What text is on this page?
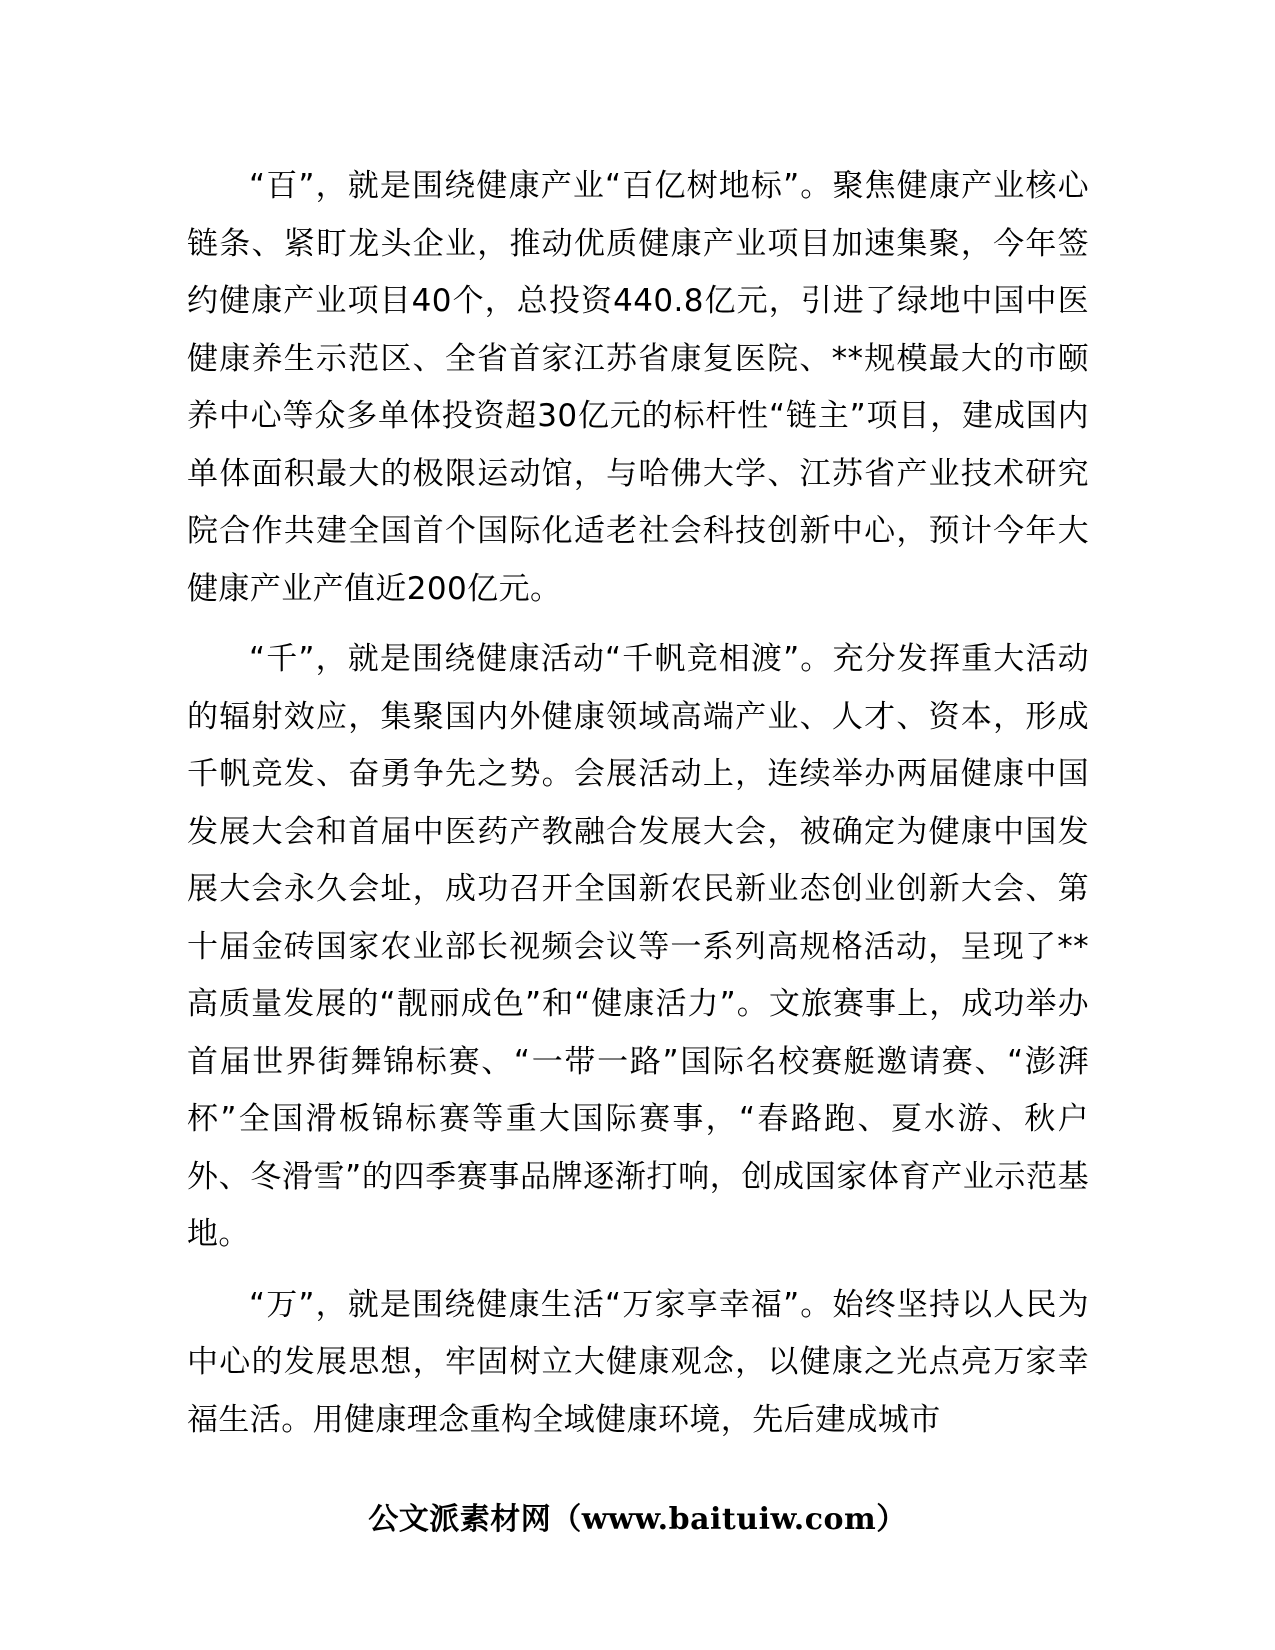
“百”，就是围绕健康产业“百亿树地标”。聚焦健康产业核心链条、紧盯龙头企业，推动优质健康产业项目加速集聚，今年签约健康产业项目40个，总投资440.8亿元，引进了绿地中国中医健康养生示范区、全省首家江苏省康复医院、**规模最大的市颐养中心等众多单体投资超30亿元的标杆性“链主”项目，建成国内单体面积最大的极限运动馆，与哈佛大学、江苏省产业技术研究院合作共建全国首个国际化适老社会科技创新中心，预计今年大健康产业产值近200亿元。

“千”，就是围绕健康活动“千帆竞相渡”。充分发挥重大活动的辐射效应，集聚国内外健康领域高端产业、人才、资本，形成千帆竞发、奋勇争先之势。会展活动上，连续举办两届健康中国发展大会和首届中医药产教融合发展大会，被确定为健康中国发展大会永久会址，成功召开全国新农民新业态创业创新大会、第十届金砖国家农业部长视频会议等一系列高规格活动，呈现了**高质量发展的“靓丽成色”和“健康活力”。文旅赛事上，成功举办首届世界街舞锦标赛、“一带一路”国际名校赛艇邀请赛、“澎湃杯”全国滑板锦标赛等重大国际赛事，“春路跑、夏水游、秋户外、冬滑雪”的四季赛事品牌逐渐打响，创成国家体育产业示范基地。

“万”，就是围绕健康生活“万家享幸福”。始终坚持以人民为中心的发展思想，牢固树立大健康观念，以健康之光点亮万家幸福生活。用健康理念重构全域健康环境，先后建成城市

公文派素材网（www.baituiw.com）
